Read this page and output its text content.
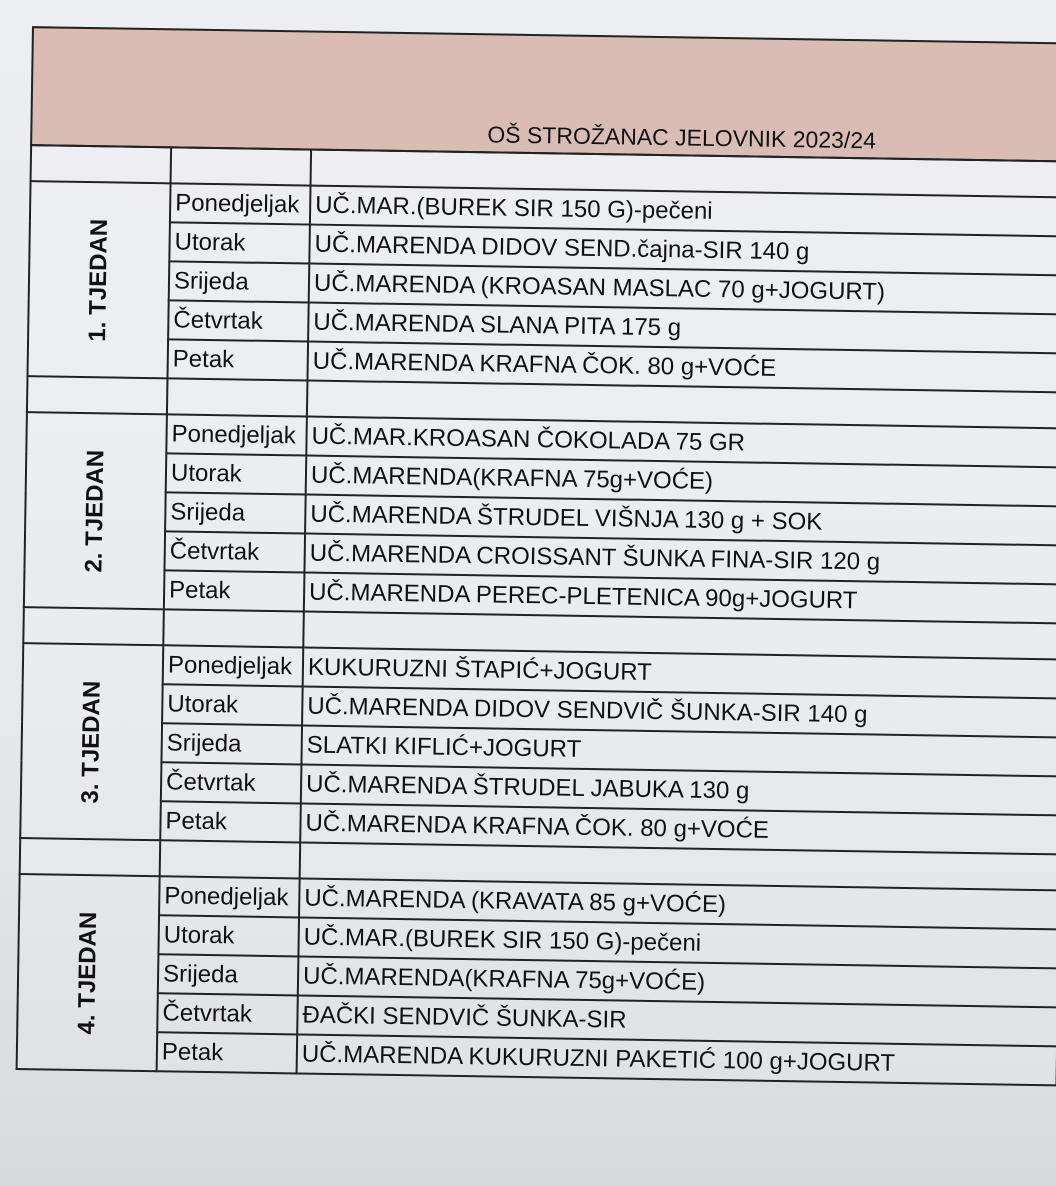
OŠ STROŽANAC JELOVNIK 2023/24

1. TJEDAN	Ponedjeljak	UČ.MAR.(BUREK SIR 150 G)-pečeni
	Utorak	UČ.MARENDA DIDOV SEND.čajna-SIR 140 g
	Srijeda	UČ.MARENDA (KROASAN MASLAC 70 g+JOGURT)
	Četvrtak	UČ.MARENDA SLANA PITA 175 g
	Petak	UČ.MARENDA KRAFNA ČOK. 80 g+VOĆE

2. TJEDAN	Ponedjeljak	UČ.MAR.KROASAN ČOKOLADA 75 GR
	Utorak	UČ.MARENDA(KRAFNA 75g+VOĆE)
	Srijeda	UČ.MARENDA ŠTRUDEL VIŠNJA 130 g + SOK
	Četvrtak	UČ.MARENDA CROISSANT ŠUNKA FINA-SIR 120 g
	Petak	UČ.MARENDA PEREC-PLETENICA 90g+JOGURT

3. TJEDAN	Ponedjeljak	KUKURUZNI ŠTAPIĆ+JOGURT
	Utorak	UČ.MARENDA DIDOV SENDVIČ ŠUNKA-SIR 140 g
	Srijeda	SLATKI KIFLIĆ+JOGURT
	Četvrtak	UČ.MARENDA ŠTRUDEL JABUKA 130 g
	Petak	UČ.MARENDA KRAFNA ČOK. 80 g+VOĆE

4. TJEDAN	Ponedjeljak	UČ.MARENDA (KRAVATA 85 g+VOĆE)
	Utorak	UČ.MAR.(BUREK SIR 150 G)-pečeni
	Srijeda	UČ.MARENDA(KRAFNA 75g+VOĆE)
	Četvrtak	ĐAČKI SENDVIČ ŠUNKA-SIR
	Petak	UČ.MARENDA KUKURUZNI PAKETIĆ 100 g+JOGURT
